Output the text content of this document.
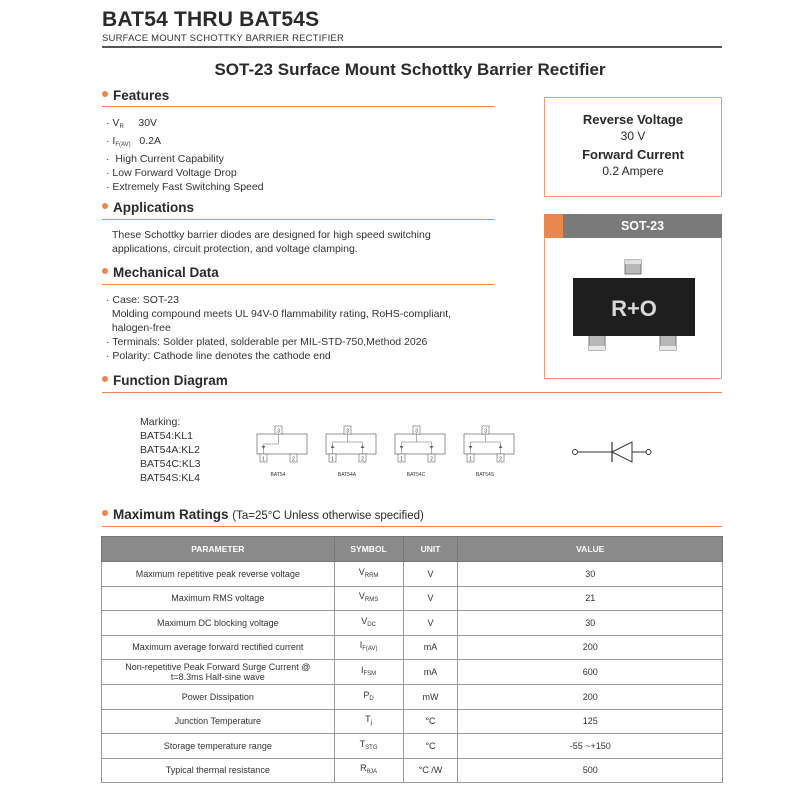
BAT54 THRU BAT54S
SURFACE MOUNT SCHOTTKY BARRIER RECTIFIER
SOT-23 Surface Mount Schottky Barrier Rectifier
Features
· $V_R$ 30V
· $I_{F(AV)}$ 0.2A
·  High Current Capability
· Low Forward Voltage Drop
· Extremely Fast Switching Speed
Reverse Voltage
30 V
Forward Current
0.2 Ampere
SOT-23
R+O
Applications
These Schottky barrier diodes are designed for high speed switching
applications, circuit protection, and voltage clamping.
Mechanical Data
· Case: SOT-23
Molding compound meets UL 94V-0 flammability rating, RoHS-compliant,
halogen-free
· Terminals: Solder plated, solderable per MIL-STD-750,Method 2026
· Polarity: Cathode line denotes the cathode end
Function Diagram
Marking:
BAT54:KL1
BAT54A:KL2
BAT54C:KL3
BAT54S:KL4
3
1	2
BAT54
3
1	2
BAT54A
3
1	2
BAT54C
3
1	2
BAT54S
Maximum Ratings (Ta=25°C Unless otherwise specified)
PARAMETER	SYMBOL	UNIT	VALUE
Maximum repetitive peak reverse voltage	$V_{RRM}$	V	30
Maximum RMS voltage	$V_{RMS}$	V	21
Maximum DC blocking voltage	$V_{DC}$	V	30
Maximum average forward rectified current	$I_{F(AV)}$	mA	200

Non-repetitive Peak Forward Surge Current @
t=8.3ms Half-sine wave	$I_{FSM}$	mA	600
Power Dissipation	$P_D$	mW	200
Junction Temperature	$T_j$	°C	125
Storage temperature range	$T_{STG}$	°C	-55 ~+150
Typical thermal resistance	$R_{\theta JA}$	°C /W	500
